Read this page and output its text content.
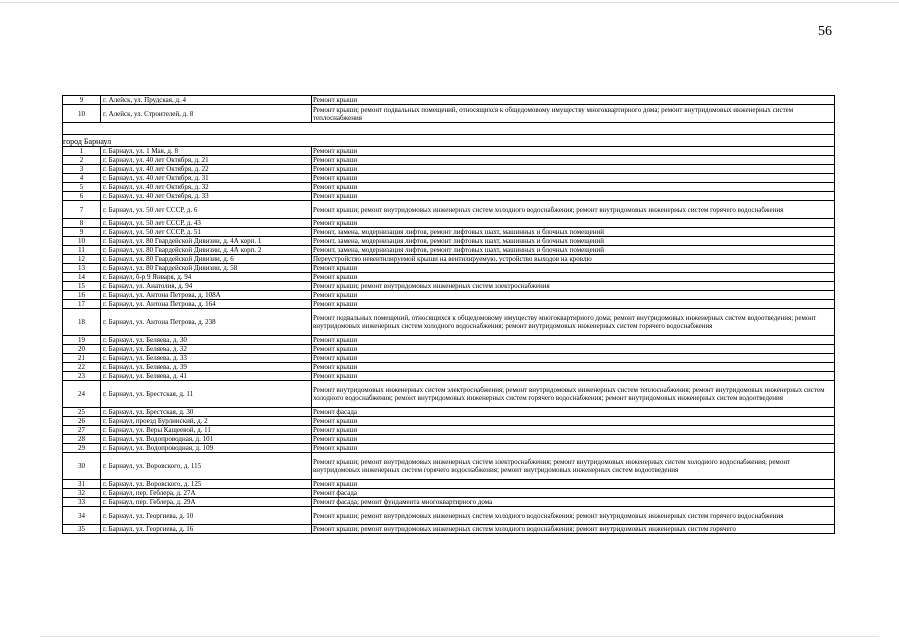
56
9	г. Алейск, ул. Прудская, д. 4	Ремонт крыши
10	г. Алейск, ул. Строителей, д. 8	Ремонт крыши; ремонт подвальных помещений, относящихся к общедомовому имуществу многоквартирного дома; ремонт внутридомовых инженерных систем теплоснабжения

город Барнаул		
1	г. Барнаул, ул. 1 Мая, д. 8	Ремонт крыши
2	г. Барнаул, ул. 40 лет Октября, д. 21	Ремонт крыши
3	г. Барнаул, ул. 40 лет Октября, д. 22	Ремонт крыши
4	г. Барнаул, ул. 40 лет Октября, д. 31	Ремонт крыши
5	г. Барнаул, ул. 40 лет Октября, д. 32	Ремонт крыши
6	г. Барнаул, ул. 40 лет Октября, д. 33	Ремонт крыши
7	г. Барнаул, ул. 50 лет СССР, д. 6	Ремонт крыши; ремонт внутридомовых инженерных систем холодного водоснабжения; ремонт внутридомовых инженерных систем горячего водоснабжения
8	г. Барнаул, ул. 50 лет СССР, д. 43	Ремонт крыши
9	г. Барнаул, ул. 50 лет СССР, д. 51	Ремонт, замена, модернизация лифтов, ремонт лифтовых шахт, машинных и блочных помещений
10	г. Барнаул, ул. 80 Гвардейской Дивизии, д. 4А корп. 1	Ремонт, замена, модернизация лифтов, ремонт лифтовых шахт, машинных и блочных помещений
11	г. Барнаул, ул. 80 Гвардейской Дивизии, д. 4А корп. 2	Ремонт, замена, модернизация лифтов, ремонт лифтовых шахт, машинных и блочных помещений
12	г. Барнаул, ул. 80 Гвардейской Дивизии, д. 6	Переустройство невентилируемой крыши на вентилируемую, устройство выходов на кровлю
13	г. Барнаул, ул. 80 Гвардейской Дивизии, д. 58	Ремонт крыши
14	г. Барнаул, б-р 9 Января, д. 94	Ремонт крыши
15	г. Барнаул, ул. Анатолия, д. 94	Ремонт крыши; ремонт внутридомовых инженерных систем электроснабжения
16	г. Барнаул, ул. Антона Петрова, д. 108А	Ремонт крыши
17	г. Барнаул, ул. Антона Петрова, д. 164	Ремонт крыши
18	г. Барнаул, ул. Антона Петрова, д. 238	Ремонт подвальных помещений, относящихся к общедомовому имуществу многоквартирного дома; ремонт внутридомовых инженерных систем водоотведения; ремонт внутридомовых инженерных систем холодного водоснабжения; ремонт внутридомовых инженерных систем горячего водоснабжения
19	г. Барнаул, ул. Беляева, д. 30	Ремонт крыши
20	г. Барнаул, ул. Беляева, д. 32	Ремонт крыши
21	г. Барнаул, ул. Беляева, д. 33	Ремонт крыши
22	г. Барнаул, ул. Беляева, д. 39	Ремонт крыши
23	г. Барнаул, ул. Беляева, д. 41	Ремонт крыши
24	г. Барнаул, ул. Брестская, д. 11	Ремонт внутридомовых инженерных систем электроснабжения; ремонт внутридомовых инженерных систем теплоснабжения; ремонт внутридомовых инженерных систем холодного водоснабжения; ремонт внутридомовых инженерных систем горячего водоснабжения; ремонт внутридомовых инженерных систем водоотведения
25	г. Барнаул, ул. Брестская, д. 30	Ремонт фасада
26	г. Барнаул, проезд Бурлинский, д. 2	Ремонт крыши
27	г. Барнаул, ул. Веры Кащеевой, д. 11	Ремонт крыши
28	г. Барнаул, ул. Водопроводная, д. 101	Ремонт крыши
29	г. Барнаул, ул. Водопроводная, д. 109	Ремонт крыши
30	г. Барнаул, ул. Воровского, д. 115	Ремонт крыши; ремонт внутридомовых инженерных систем электроснабжения; ремонт внутридомовых инженерных систем холодного водоснабжения; ремонт внутридомовых инженерных систем горячего водоснабжения; ремонт внутридомовых инженерных систем водоотведения
31	г. Барнаул, ул. Воровского, д. 125	Ремонт крыши
32	г. Барнаул, пер. Геблера, д. 27А	Ремонт фасада
33	г. Барнаул, пер. Геблера, д. 29А	Ремонт фасада; ремонт фундамента многоквартирного дома
34	г. Барнаул, ул. Георгиева, д. 10	Ремонт крыши; ремонт внутридомовых инженерных систем холодного водоснабжения; ремонт внутридомовых инженерных систем горячего водоснабжения
35	г. Барнаул, ул. Георгиева, д. 16	Ремонт крыши; ремонт внутридомовых инженерных систем холодного водоснабжения; ремонт внутридомовых инженерных систем горячего
